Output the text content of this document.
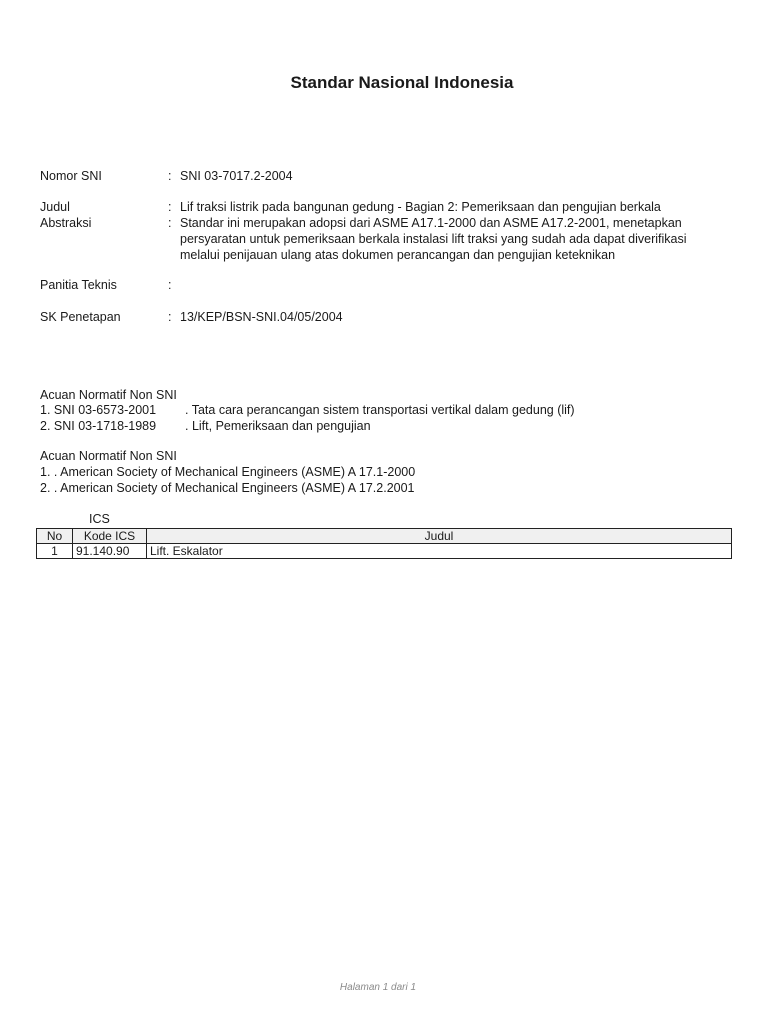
Standar Nasional Indonesia
Nomor SNI	: SNI 03-7017.2-2004
Judul	: Lif traksi listrik pada bangunan gedung - Bagian 2: Pemeriksaan dan pengujian berkala
Abstraksi	: Standar ini merupakan adopsi dari ASME A17.1-2000 dan ASME A17.2-2001, menetapkan persyaratan untuk pemeriksaan berkala instalasi lift traksi yang sudah ada dapat diverifikasi melalui penijauan ulang atas dokumen perancangan dan pengujian keteknikan
Panitia Teknis	:
SK Penetapan	: 13/KEP/BSN-SNI.04/05/2004
Acuan Normatif Non SNI
1. SNI 03-6573-2001 . Tata cara perancangan sistem transportasi vertikal dalam gedung (lif)
2. SNI 03-1718-1989 . Lift, Pemeriksaan dan pengujian
Acuan Normatif Non SNI
1. . American Society of Mechanical Engineers (ASME) A 17.1-2000
2. . American Society of Mechanical Engineers (ASME) A 17.2.2001
ICS
No	Kode ICS	Judul
1	91.140.90	Lift. Eskalator
Halaman 1 dari 1
